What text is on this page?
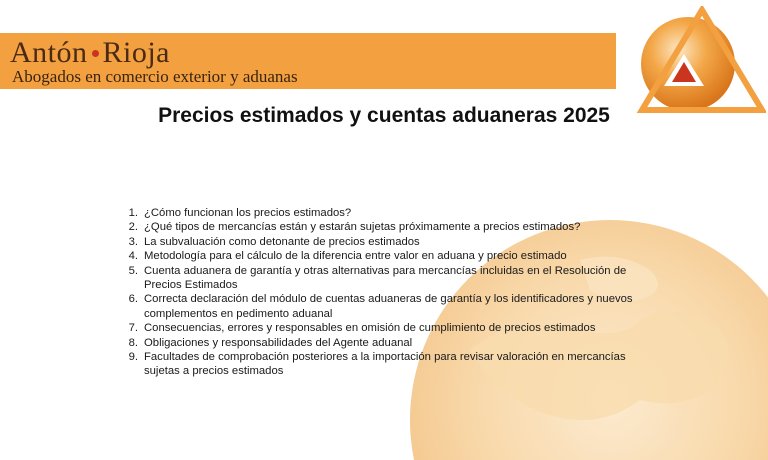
Antón Rioja
Abogados en comercio exterior y aduanas
Precios estimados y cuentas aduaneras 2025
1. ¿Cómo funcionan los precios estimados?
2. ¿Qué tipos de mercancías están y estarán sujetas próximamente a precios estimados?
3. La subvaluación como detonante de precios estimados
4. Metodología para el cálculo de la diferencia entre valor en aduana y precio estimado
5. Cuenta aduanera de garantía y otras alternativas para mercancías incluidas en el Resolución de Precios Estimados
6. Correcta declaración del módulo de cuentas aduaneras de garantía y los identificadores y nuevos complementos en pedimento aduanal
7. Consecuencias, errores y responsables en omisión de cumplimiento de precios estimados
8. Obligaciones y responsabilidades del Agente aduanal
9. Facultades de comprobación posteriores a la importación para revisar valoración en mercancías sujetas a precios estimados
